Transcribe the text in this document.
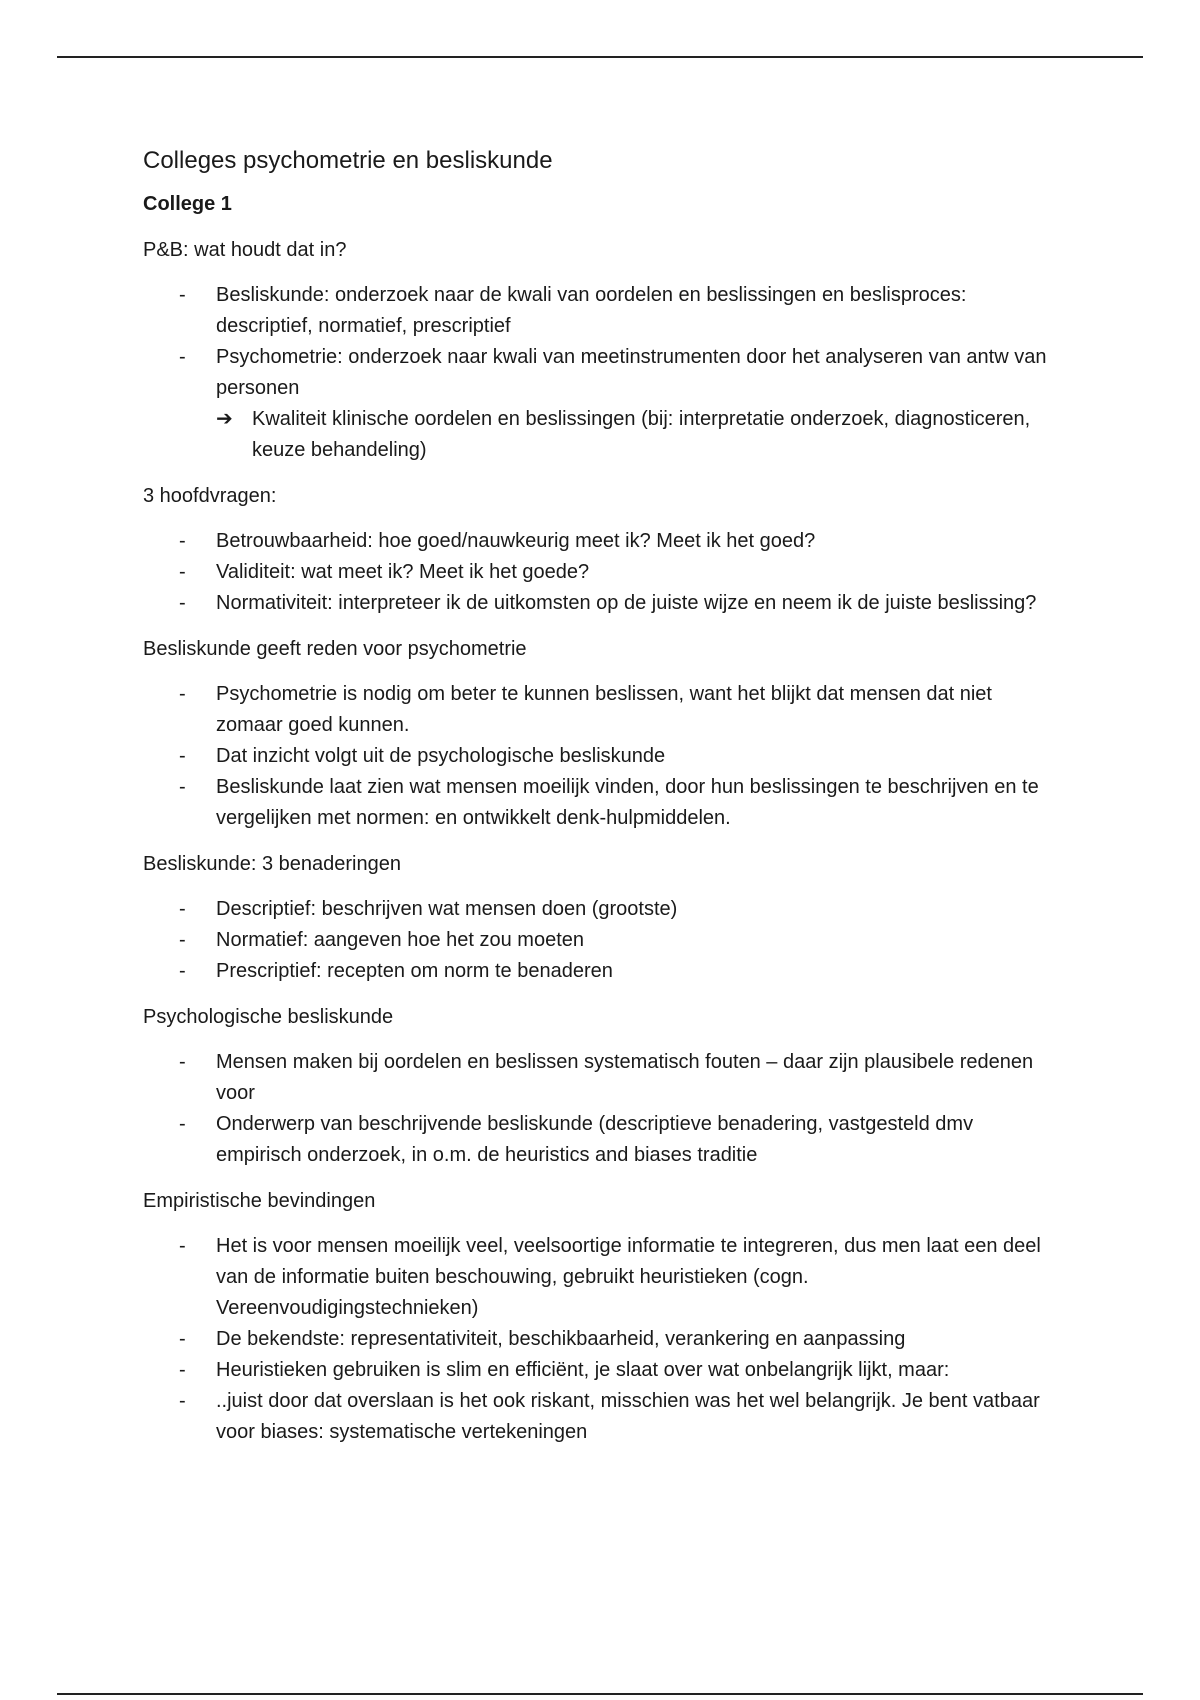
Colleges psychometrie en besliskunde
College 1
P&B: wat houdt dat in?
- Besliskunde: onderzoek naar de kwali van oordelen en beslissingen en beslisproces: descriptief, normatief, prescriptief
- Psychometrie: onderzoek naar kwali van meetinstrumenten door het analyseren van antw van personen
➔ Kwaliteit klinische oordelen en beslissingen (bij: interpretatie onderzoek, diagnosticeren, keuze behandeling)
3 hoofdvragen:
- Betrouwbaarheid: hoe goed/nauwkeurig meet ik? Meet ik het goed?
- Validiteit: wat meet ik? Meet ik het goede?
- Normativiteit: interpreteer ik de uitkomsten op de juiste wijze en neem ik de juiste beslissing?
Besliskunde geeft reden voor psychometrie
- Psychometrie is nodig om beter te kunnen beslissen, want het blijkt dat mensen dat niet zomaar goed kunnen.
- Dat inzicht volgt uit de psychologische besliskunde
- Besliskunde laat zien wat mensen moeilijk vinden, door hun beslissingen te beschrijven en te vergelijken met normen: en ontwikkelt denk-hulpmiddelen.
Besliskunde: 3 benaderingen
- Descriptief: beschrijven wat mensen doen (grootste)
- Normatief: aangeven hoe het zou moeten
- Prescriptief: recepten om norm te benaderen
Psychologische besliskunde
- Mensen maken bij oordelen en beslissen systematisch fouten – daar zijn plausibele redenen voor
- Onderwerp van beschrijvende besliskunde (descriptieve benadering, vastgesteld dmv empirisch onderzoek, in o.m. de heuristics and biases traditie
Empiristische bevindingen
- Het is voor mensen moeilijk veel, veelsoortige informatie te integreren, dus men laat een deel van de informatie buiten beschouwing, gebruikt heuristieken (cogn. Vereenvoudigingstechnieken)
- De bekendste: representativiteit, beschikbaarheid, verankering en aanpassing
- Heuristieken gebruiken is slim en efficiënt, je slaat over wat onbelangrijk lijkt, maar:
- ..juist door dat overslaan is het ook riskant, misschien was het wel belangrijk. Je bent vatbaar voor biases: systematische vertekeningen
